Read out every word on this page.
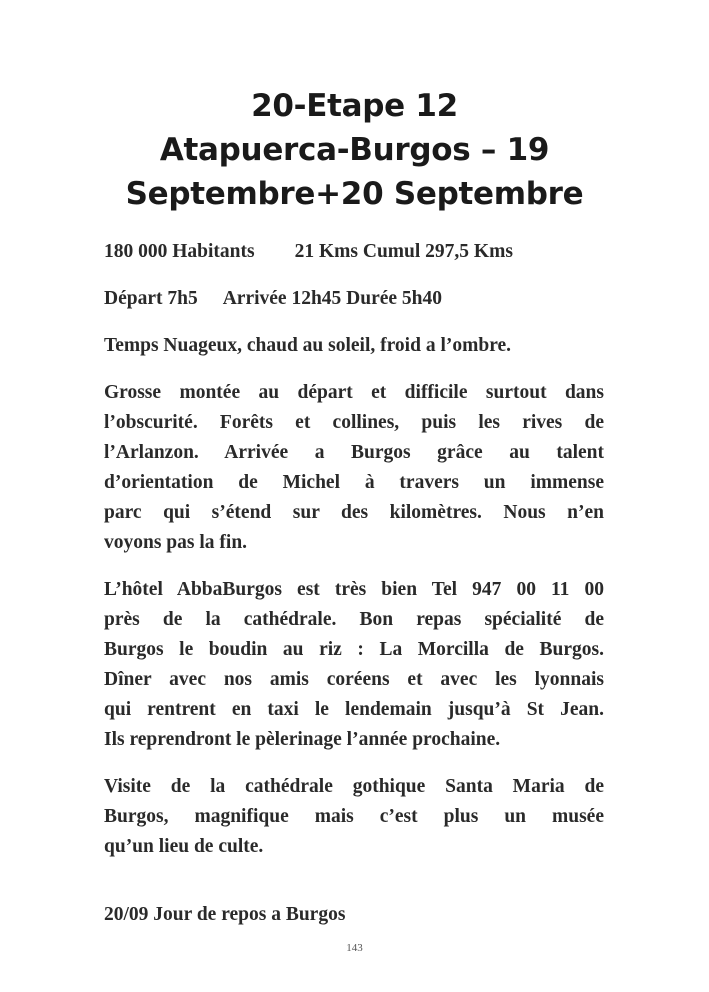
20-Etape 12
Atapuerca-Burgos – 19
Septembre+20 Septembre
180 000 Habitants 21 Kms Cumul 297,5 Kms
Départ 7h5 Arrivée 12h45 Durée 5h40
Temps Nuageux, chaud au soleil, froid a l’ombre.
Grosse montée au départ et difficile surtout dans
l’obscurité. Forêts et collines, puis les rives de
l’Arlanzon. Arrivée a Burgos grâce au talent
d’orientation de Michel à travers un immense
parc qui s’étend sur des kilomètres. Nous n’en
voyons pas la fin.
L’hôtel AbbaBurgos est très bien Tel 947 00 11 00
près de la cathédrale. Bon repas spécialité de
Burgos le boudin au riz : La Morcilla de Burgos.
Dîner avec nos amis coréens et avec les lyonnais
qui rentrent en taxi le lendemain jusqu’à St Jean.
Ils reprendront le pèlerinage l’année prochaine.
Visite de la cathédrale gothique Santa Maria de
Burgos, magnifique mais c’est plus un musée
qu’un lieu de culte.
20/09 Jour de repos a Burgos
143
